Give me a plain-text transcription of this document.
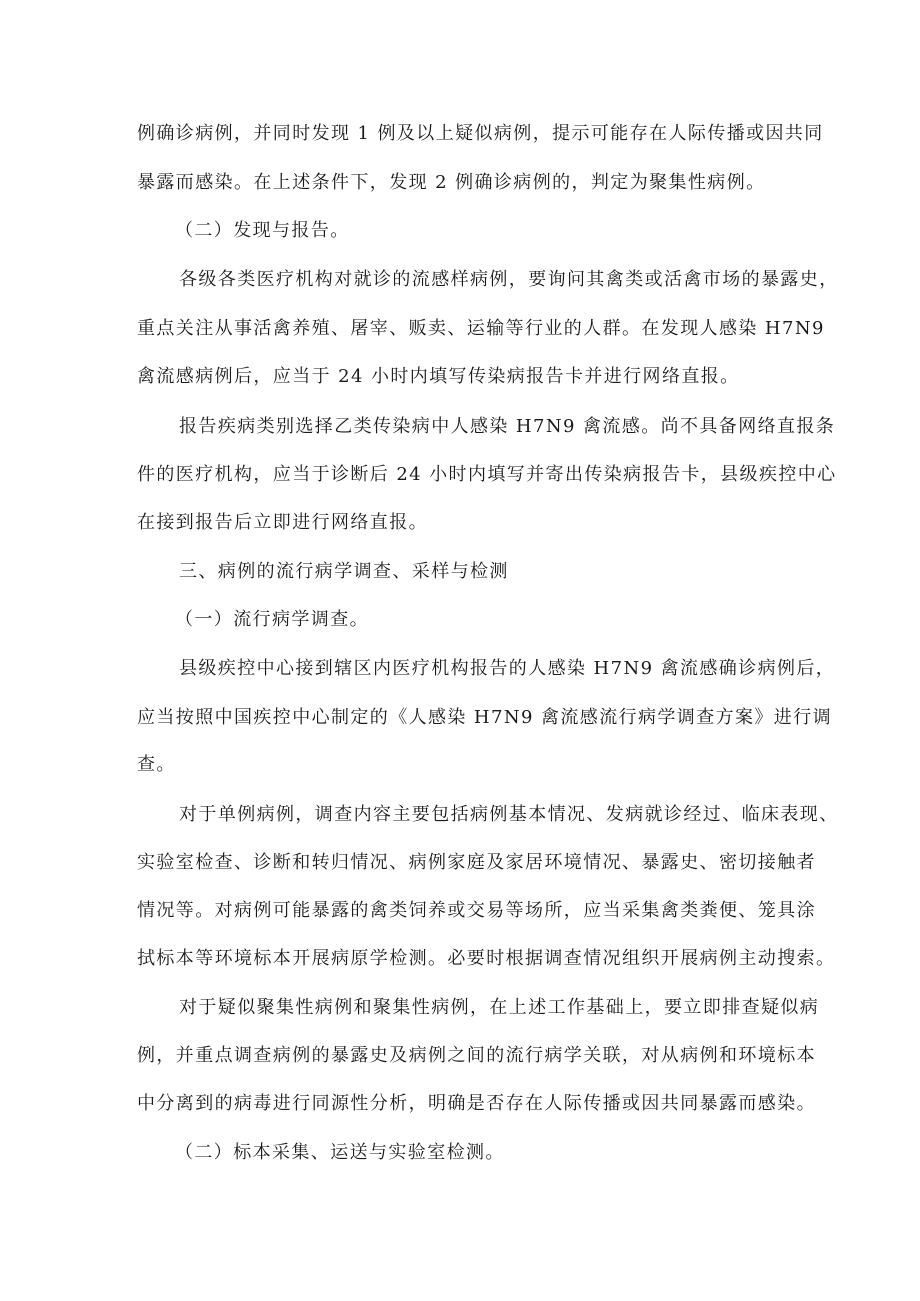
例确诊病例，并同时发现 1 例及以上疑似病例，提示可能存在人际传播或因共同
暴露而感染。在上述条件下，发现 2 例确诊病例的，判定为聚集性病例。
（二）发现与报告。
各级各类医疗机构对就诊的流感样病例，要询问其禽类或活禽市场的暴露史，
重点关注从事活禽养殖、屠宰、贩卖、运输等行业的人群。在发现人感染 H7N9
禽流感病例后，应当于 24 小时内填写传染病报告卡并进行网络直报。
报告疾病类别选择乙类传染病中人感染 H7N9 禽流感。尚不具备网络直报条
件的医疗机构，应当于诊断后 24 小时内填写并寄出传染病报告卡，县级疾控中心
在接到报告后立即进行网络直报。
三、病例的流行病学调查、采样与检测
（一）流行病学调查。
县级疾控中心接到辖区内医疗机构报告的人感染 H7N9 禽流感确诊病例后，
应当按照中国疾控中心制定的《人感染 H7N9 禽流感流行病学调查方案》进行调
查。
对于单例病例，调查内容主要包括病例基本情况、发病就诊经过、临床表现、
实验室检查、诊断和转归情况、病例家庭及家居环境情况、暴露史、密切接触者
情况等。对病例可能暴露的禽类饲养或交易等场所，应当采集禽类粪便、笼具涂
拭标本等环境标本开展病原学检测。必要时根据调查情况组织开展病例主动搜索。
对于疑似聚集性病例和聚集性病例，在上述工作基础上，要立即排查疑似病
例，并重点调查病例的暴露史及病例之间的流行病学关联，对从病例和环境标本
中分离到的病毒进行同源性分析，明确是否存在人际传播或因共同暴露而感染。
（二）标本采集、运送与实验室检测。
